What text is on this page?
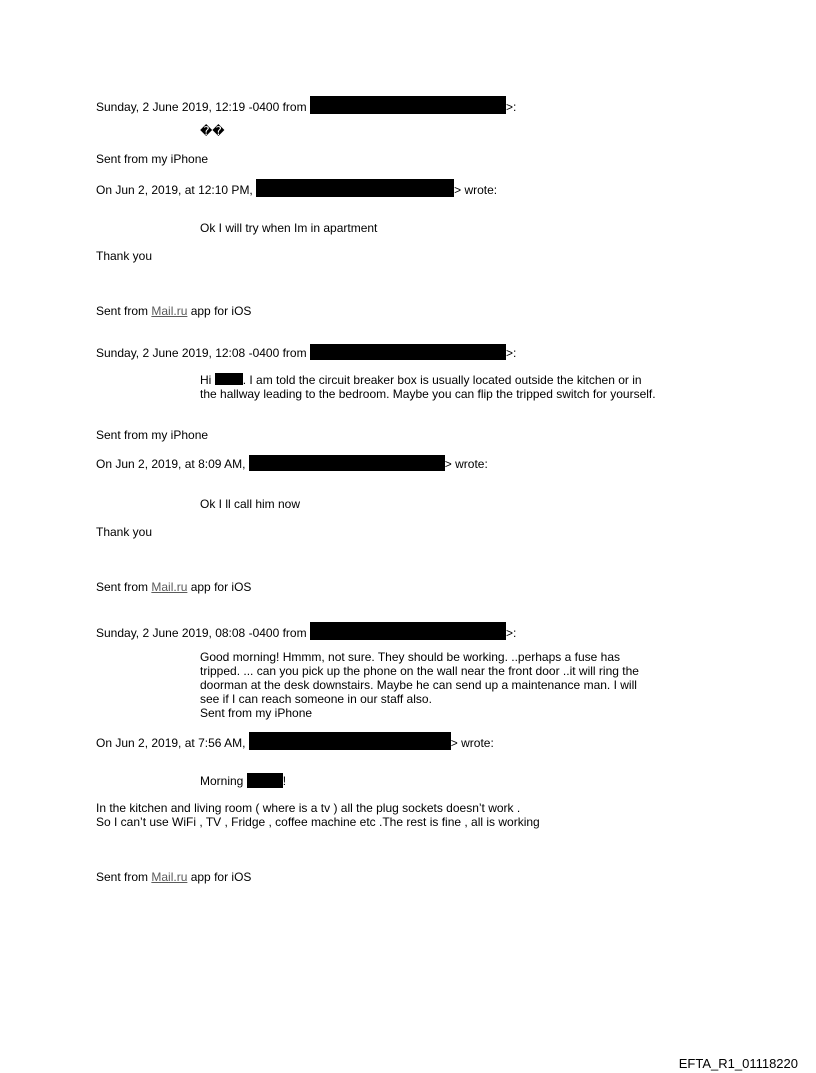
Sunday, 2 June 2019, 12:19 -0400 from	>:
��
Sent from my iPhone
On Jun 2, 2019, at 12:10 PM,	> wrote:
Ok I will try when Im in apartment
Thank you
Sent from Mail.ru app for iOS
Sunday, 2 June 2019, 12:08 -0400 from	>:
Hi	. I am told the circuit breaker box is usually located outside the kitchen or in the hallway leading to the bedroom. Maybe you can flip the tripped switch for yourself.
Sent from my iPhone
On Jun 2, 2019, at 8:09 AM,	> wrote:
Ok I ll call him now
Thank you
Sent from Mail.ru app for iOS
Sunday, 2 June 2019, 08:08 -0400 from	>:
Good morning! Hmmm, not sure. They should be working. ..perhaps a fuse has tripped. ... can you pick up the phone on the wall near the front door ..it will ring the doorman at the desk downstairs. Maybe he can send up a maintenance man. I will see if I can reach someone in our staff also.
Sent from my iPhone
On Jun 2, 2019, at 7:56 AM,	> wrote:
Morning	!
In the kitchen and living room ( where is a tv ) all the plug sockets doesn’t work .
So I can’t use WiFi , TV , Fridge , coffee machine etc .The rest is fine , all is working
Sent from Mail.ru app for iOS
EFTA_R1_01118220
